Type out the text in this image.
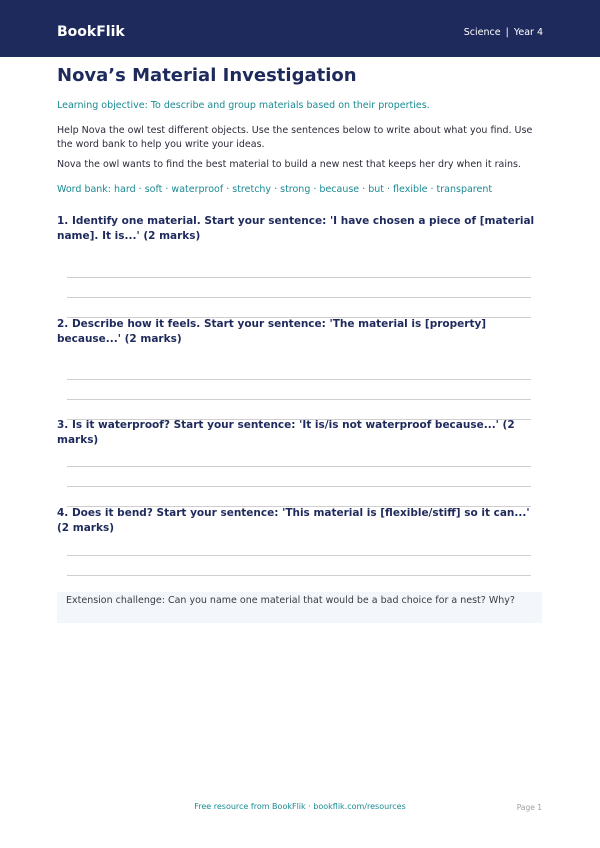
BookFlik	Science | Year 4
Nova’s Material Investigation

Learning objective: To describe and group materials based on their properties.

Help Nova the owl test different objects. Use the sentences below to write about what you find. Use the word bank to help you write your ideas.

Nova the owl wants to find the best material to build a new nest that keeps her dry when it rains.

Word bank: hard · soft · waterproof · stretchy · strong · because · but · flexible · transparent

1. Identify one material. Start your sentence: 'I have chosen a piece of [material name]. It is...' (2 marks)

2. Describe how it feels. Start your sentence: 'The material is [property] because...' (2 marks)

3. Is it waterproof? Start your sentence: 'It is/is not waterproof because...' (2 marks)

4. Does it bend? Start your sentence: 'This material is [flexible/stiff] so it can...' (2 marks)

Extension challenge: Can you name one material that would be a bad choice for a nest? Why?

Free resource from BookFlik · bookflik.com/resources	Page 1
